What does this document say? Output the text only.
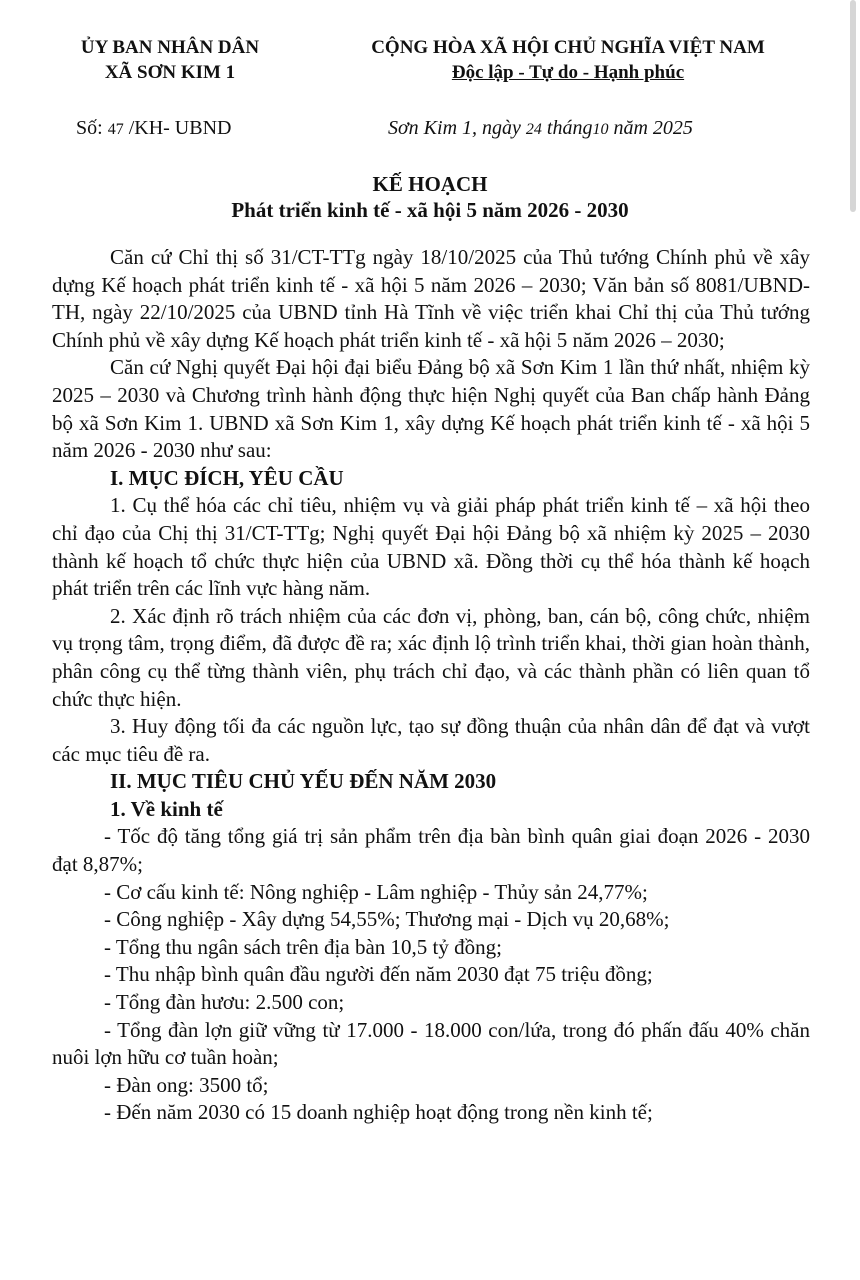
ỦY BAN NHÂN DÂN
XÃ SƠN KIM 1
CỘNG HÒA XÃ HỘI CHỦ NGHĨA VIỆT NAM
Độc lập - Tự do - Hạnh phúc
Số: 47 /KH- UBND	Sơn Kim 1, ngày 24 tháng10 năm 2025
KẾ HOẠCH
Phát triển kinh tế - xã hội 5 năm 2026 - 2030

Căn cứ Chỉ thị số 31/CT-TTg ngày 18/10/2025 của Thủ tướng Chính phủ về xây dựng Kế hoạch phát triển kinh tế - xã hội 5 năm 2026 – 2030; Văn bản số 8081/UBND-TH, ngày 22/10/2025 của UBND tỉnh Hà Tĩnh về việc triển khai Chỉ thị của Thủ tướng Chính phủ về xây dựng Kế hoạch phát triển kinh tế - xã hội 5 năm 2026 – 2030;

Căn cứ Nghị quyết Đại hội đại biểu Đảng bộ xã Sơn Kim 1 lần thứ nhất, nhiệm kỳ 2025 – 2030 và Chương trình hành động thực hiện Nghị quyết của Ban chấp hành Đảng bộ xã Sơn Kim 1. UBND xã Sơn Kim 1, xây dựng Kế hoạch phát triển kinh tế - xã hội 5 năm 2026 - 2030 như sau:

I. MỤC ĐÍCH, YÊU CẦU

1. Cụ thể hóa các chỉ tiêu, nhiệm vụ và giải pháp phát triển kinh tế – xã hội theo chỉ đạo của Chị thị 31/CT-TTg; Nghị quyết Đại hội Đảng bộ xã nhiệm kỳ 2025 – 2030 thành kế hoạch tổ chức thực hiện của UBND xã. Đồng thời cụ thể hóa thành kế hoạch phát triển trên các lĩnh vực hàng năm.

2. Xác định rõ trách nhiệm của các đơn vị, phòng, ban, cán bộ, công chức, nhiệm vụ trọng tâm, trọng điểm, đã được đề ra; xác định lộ trình triển khai, thời gian hoàn thành, phân công cụ thể từng thành viên, phụ trách chỉ đạo, và các thành phần có liên quan tổ chức thực hiện.

3. Huy động tối đa các nguồn lực, tạo sự đồng thuận của nhân dân để đạt và vượt các mục tiêu đề ra.

II. MỤC TIÊU CHỦ YẾU ĐẾN NĂM 2030

1. Về kinh tế

- Tốc độ tăng tổng giá trị sản phẩm trên địa bàn bình quân giai đoạn 2026 - 2030 đạt 8,87%;

- Cơ cấu kinh tế: Nông nghiệp - Lâm nghiệp - Thủy sản 24,77%;

- Công nghiệp - Xây dựng 54,55%; Thương mại - Dịch vụ 20,68%;

- Tổng thu ngân sách trên địa bàn 10,5 tỷ đồng;

- Thu nhập bình quân đầu người đến năm 2030 đạt 75 triệu đồng;

- Tổng đàn hươu: 2.500 con;

- Tổng đàn lợn giữ vững từ 17.000 - 18.000 con/lứa, trong đó phấn đấu 40% chăn nuôi lợn hữu cơ tuần hoàn;

- Đàn ong: 3500 tổ;

- Đến năm 2030 có 15 doanh nghiệp hoạt động trong nền kinh tế;
